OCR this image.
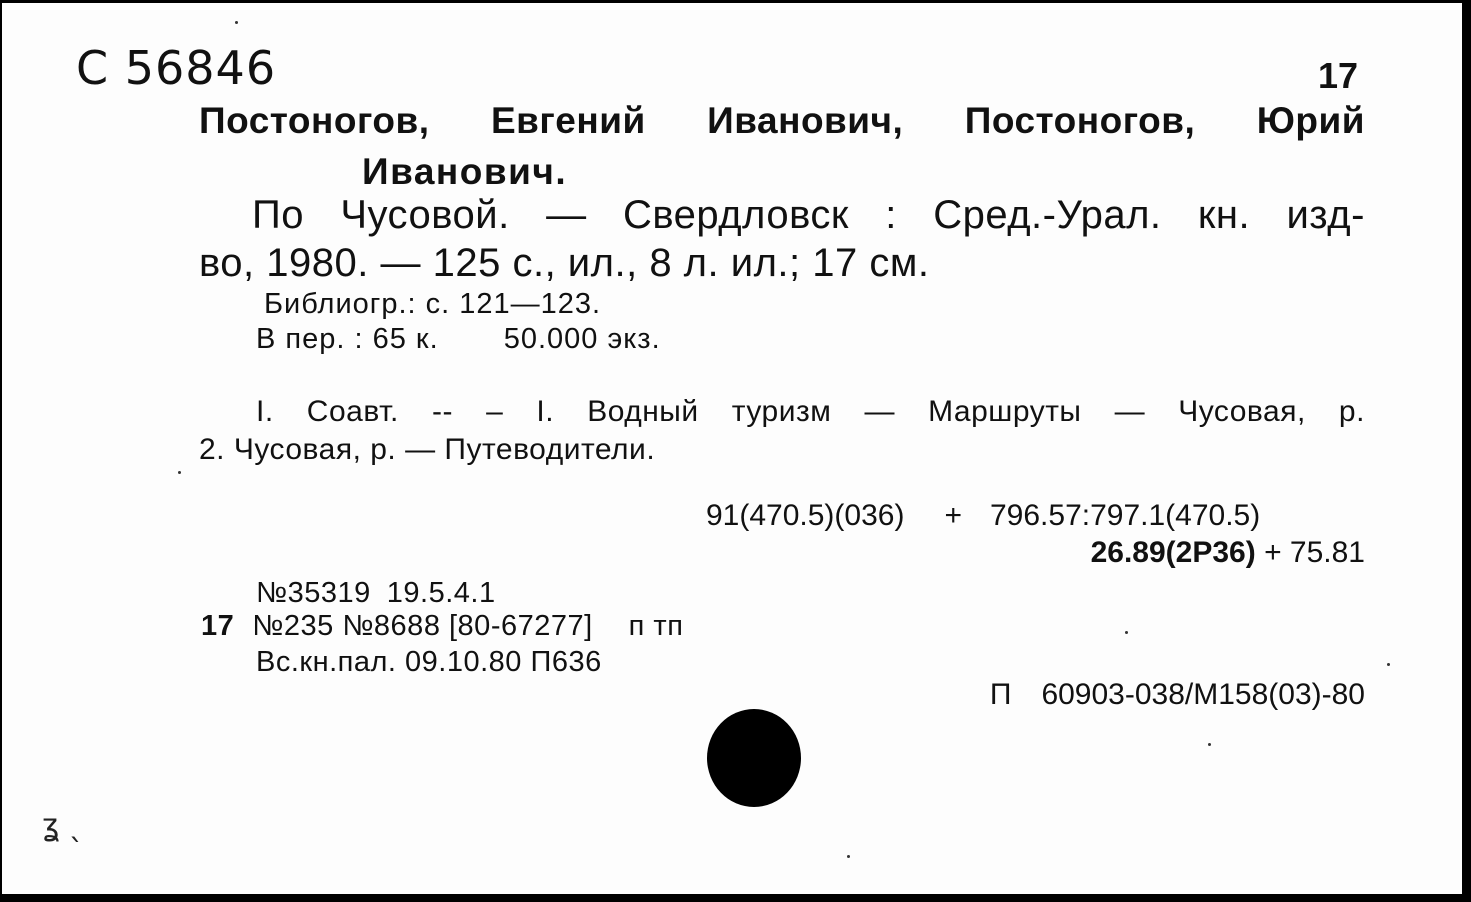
С 56846	17
Постоногов, Евгений Иванович, Постоногов, Юрий
Иванович.
По Чусовой. — Свердловск : Сред.-Урал. кн. изд-
во, 1980. — 125 с., ил., 8 л. ил.; 17 см.
Библиогр.: с. 121—123.
В пер. : 65 к. 50.000 экз.
I. Соавт. -- – I. Водный туризм — Маршруты — Чусовая, р.
2. Чусовая, р. — Путеводители.
91(470.5)(036) + 796.57:797.1(470.5)
26.89(2Р36) + 75.81
№35319 19.5.4.1
17 №235 №8688 [80-67277] п тп
Вс.кн.пал. 09.10.80 П636
П 60903-038/М158(03)-80
ʓ ˎ
